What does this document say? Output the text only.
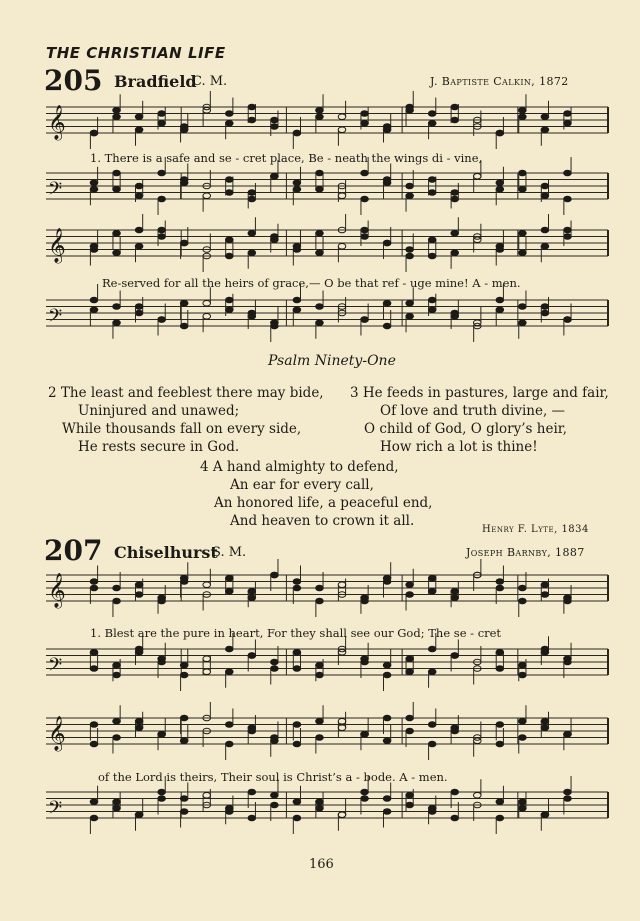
THE CHRISTIAN LIFE
205 Bradfield
C. M.	J. Baptiste Calkin, 1872
𝄞
𝄢
1. There is a safe and se - cret place, Be - neath the wings di - vine,
𝄞
𝄢
Re-served for all the heirs of grace,— O be that ref - uge mine! A - men.
Psalm Ninety-One
2 The least and feeblest there may bide,
Uninjured and unawed;
While thousands fall on every side,
He rests secure in God.
3 He feeds in pastures, large and fair,
Of love and truth divine, —
O child of God, O glory’s heir,
How rich a lot is thine!
4 A hand almighty to defend,
An ear for every call,
An honored life, a peaceful end,
And heaven to crown it all.
Henry F. Lyte, 1834
207 Chiselhurst
S. M.	Joseph Barnby, 1887
𝄞
𝄢
1. Blest are the pure in heart, For they shall see our God; The se - cret
𝄞
𝄢
of the Lord is theirs, Their soul is Christ’s a - bode. A - men.
166
